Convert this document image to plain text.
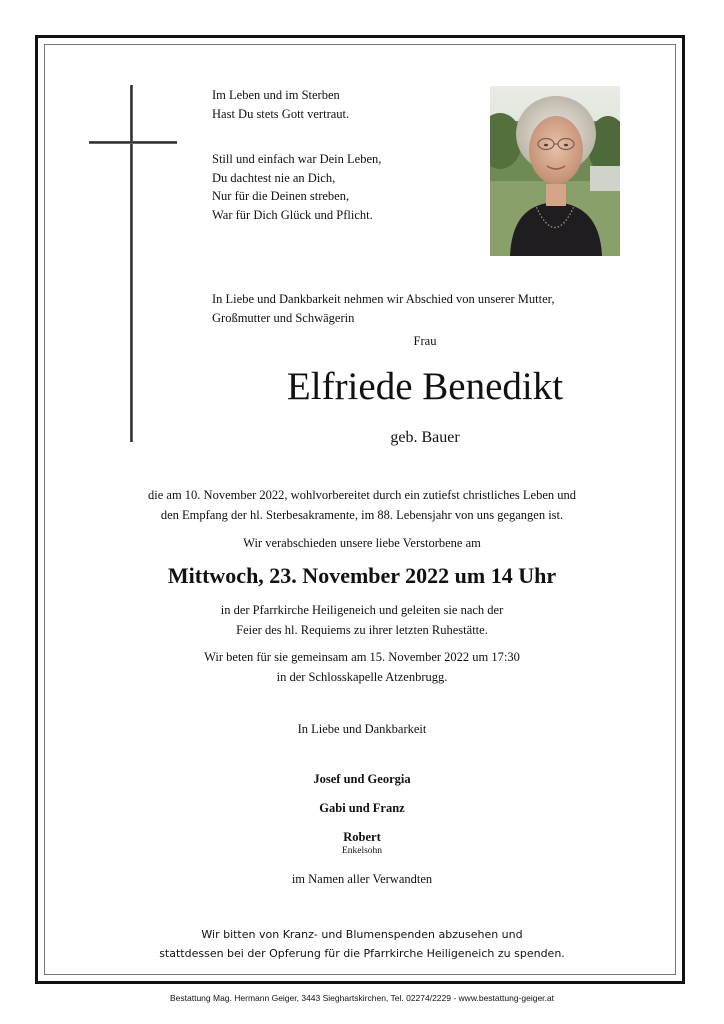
Im Leben und im Sterben
Hast Du stets Gott vertraut.
Still und einfach war Dein Leben,
Du dachtest nie an Dich,
Nur für die Deinen streben,
War für Dich Glück und Pflicht.
In Liebe und Dankbarkeit nehmen wir Abschied von unserer Mutter,
Großmutter und Schwägerin
Frau
Elfriede Benedikt
geb. Bauer
die am 10. November 2022, wohlvorbereitet durch ein zutiefst christliches Leben und
den Empfang der hl. Sterbesakramente, im 88. Lebensjahr von uns gegangen ist.
Wir verabschieden unsere liebe Verstorbene am
Mittwoch, 23. November 2022 um 14 Uhr
in der Pfarrkirche Heiligeneich und geleiten sie nach der
Feier des hl. Requiems zu ihrer letzten Ruhestätte.
Wir beten für sie gemeinsam am 15. November 2022 um 17:30
in der Schlosskapelle Atzenbrugg.
In Liebe und Dankbarkeit
Josef und Georgia
Gabi und Franz
Robert
Enkelsohn
im Namen aller Verwandten
Wir bitten von Kranz- und Blumenspenden abzusehen und
stattdessen bei der Opferung für die Pfarrkirche Heiligeneich zu spenden.
Bestattung Mag. Hermann Geiger, 3443 Sieghartskirchen, Tel. 02274/2229 - www.bestattung-geiger.at
